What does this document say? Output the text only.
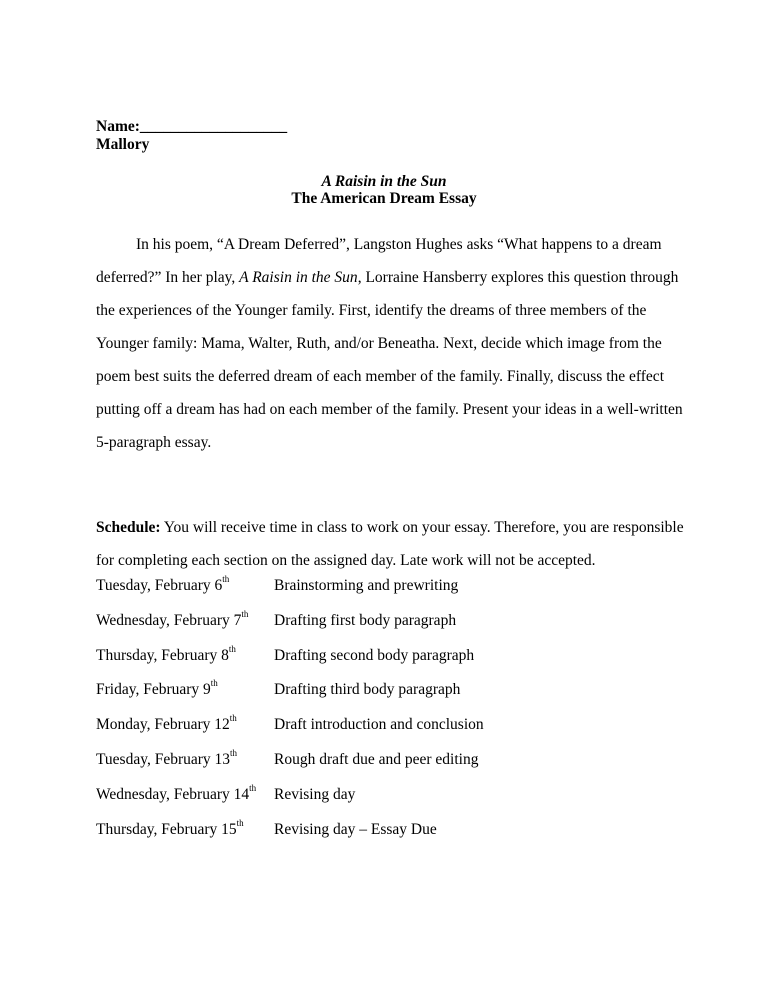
Name:___________________
Mallory
A Raisin in the Sun
The American Dream Essay
deferred?” In her play, A Raisin in the Sun, Lorraine Hansberry explores this question through
the experiences of the Younger family. First, identify the dreams of three members of the
Younger family: Mama, Walter, Ruth, and/or Beneatha. Next, decide which image from the
poem best suits the deferred dream of each member of the family. Finally, discuss the effect
putting off a dream has had on each member of the family. Present your ideas in a well-written
5-paragraph essay.
In his poem, “A Dream Deferred”, Langston Hughes asks “What happens to a dream
Schedule: You will receive time in class to work on your essay. Therefore, you are responsible
for completing each section on the assigned day. Late work will not be accepted.
Tuesday, February 6th	Brainstorming and prewriting
Wednesday, February 7th Drafting first body paragraph
Thursday, February 8th Drafting second body paragraph
Friday, February 9th	Drafting third body paragraph
Monday, February 12th Draft introduction and conclusion
Tuesday, February 13th Rough draft due and peer editing
Wednesday, February 14th Revising day
Thursday, February 15th Revising day – Essay Due
